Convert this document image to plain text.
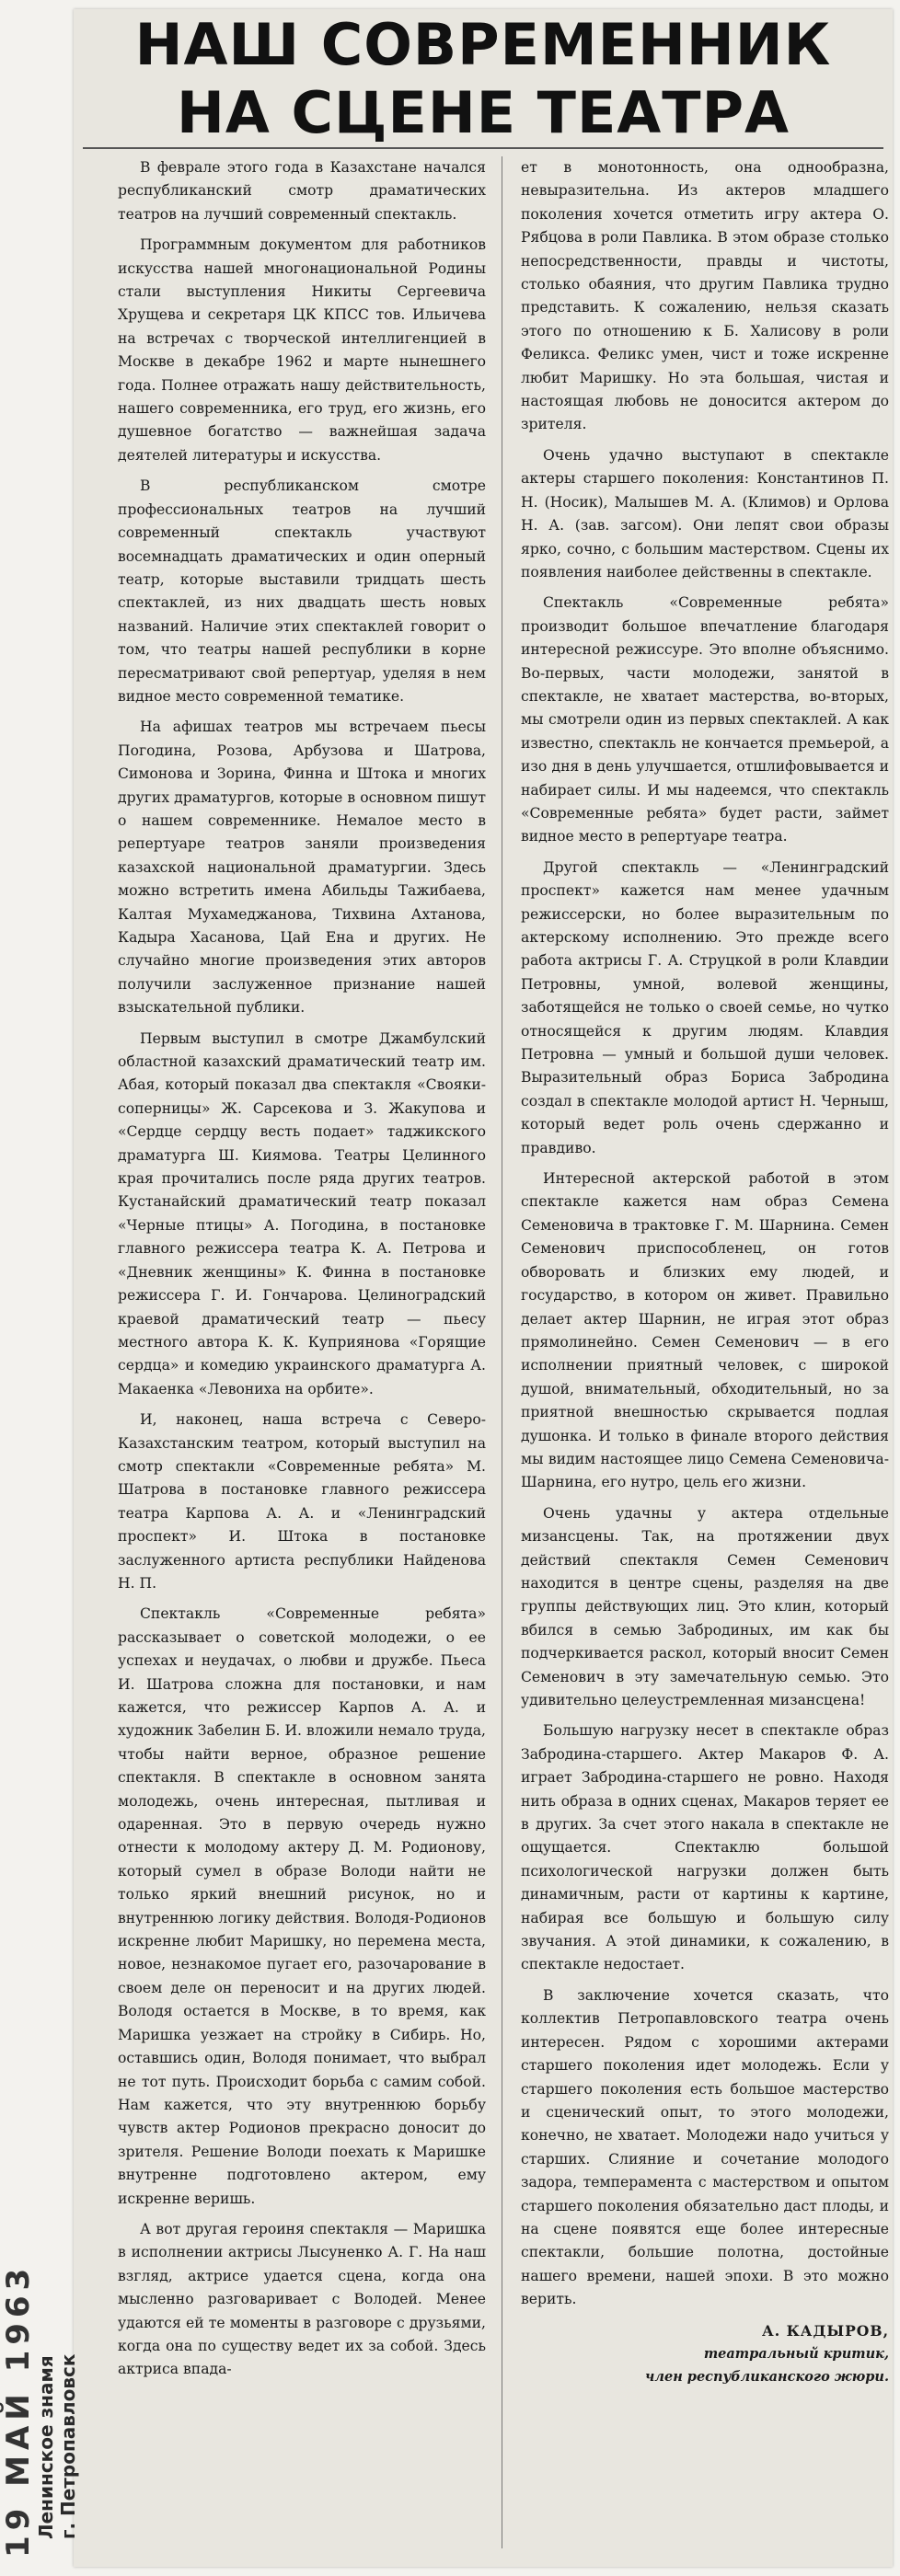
НАШ СОВРЕМЕННИК
НА СЦЕНЕ ТЕАТРА

В феврале этого года в Казахстане начался республиканский смотр драматических театров на лучший современный спектакль.

Программным документом для работников искусства нашей многонациональной Родины стали выступления Никиты Сергеевича Хрущева и секретаря ЦК КПСС тов. Ильичева на встречах с творческой интеллигенцией в Москве в декабре 1962 и марте нынешнего года. Полнее отражать нашу действительность, нашего современника, его труд, его жизнь, его душевное богатство — важнейшая задача деятелей литературы и искусства.

В республиканском смотре профессиональных театров на лучший современный спектакль участвуют восемнадцать драматических и один оперный театр, которые выставили тридцать шесть спектаклей, из них двадцать шесть новых названий. Наличие этих спектаклей говорит о том, что театры нашей республики в корне пересматривают свой репертуар, уделяя в нем видное место современной тематике.

На афишах театров мы встречаем пьесы Погодина, Розова, Арбузова и Шатрова, Симонова и Зорина, Финна и Штока и многих других драматургов, которые в основном пишут о нашем современнике. Немалое место в репертуаре театров заняли произведения казахской национальной драматургии. Здесь можно встретить имена Абильды Тажибаева, Калтая Мухамеджанова, Тихвина Ахтанова, Кадыра Хасанова, Цай Ена и других. Не случайно многие произведения этих авторов получили заслуженное признание нашей взыскательной публики.

Первым выступил в смотре Джамбулский областной казахский драматический театр им. Абая, который показал два спектакля «Свояки-соперницы» Ж. Сарсекова и З. Жакупова и «Сердце сердцу весть подает» таджикского драматурга Ш. Киямова. Театры Целинного края прочитались после ряда других театров. Кустанайский драматический театр показал «Черные птицы» А. Погодина, в постановке главного режиссера театра К. А. Петрова и «Дневник женщины» К. Финна в постановке режиссера Г. И. Гончарова. Целиноградский краевой драматический театр — пьесу местного автора К. К. Куприянова «Горящие сердца» и комедию украинского драматурга А. Макаенка «Левониха на орбите».

И, наконец, наша встреча с Северо-Казахстанским театром, который выступил на смотр спектакли «Современные ребята» М. Шатрова в постановке главного режиссера театра Карпова А. А. и «Ленинградский проспект» И. Штока в постановке заслуженного артиста республики Найденова Н. П.

Спектакль «Современные ребята» рассказывает о советской молодежи, о ее успехах и неудачах, о любви и дружбе. Пьеса И. Шатрова сложна для постановки, и нам кажется, что режиссер Карпов А. А. и художник Забелин Б. И. вложили немало труда, чтобы найти верное, образное решение спектакля. В спектакле в основном занята молодежь, очень интересная, пытливая и одаренная. Это в первую очередь нужно отнести к молодому актеру Д. М. Родионову, который сумел в образе Володи найти не только яркий внешний рисунок, но и внутреннюю логику действия. Володя-Родионов искренне любит Маришку, но перемена места, новое, незнакомое пугает его, разочарование в своем деле он переносит и на других людей. Володя остается в Москве, в то время, как Маришка уезжает на стройку в Сибирь. Но, оставшись один, Володя понимает, что выбрал не тот путь. Происходит борьба с самим собой. Нам кажется, что эту внутреннюю борьбу чувств актер Родионов прекрасно доносит до зрителя. Решение Володи поехать к Маришке внутренне подготовлено актером, ему искренне веришь.

А вот другая героиня спектакля — Маришка в исполнении актрисы Лысуненко А. Г. На наш взгляд, актрисе удается сцена, когда она мысленно разговаривает с Володей. Менее удаются ей те моменты в разговоре с друзьями, когда она по существу ведет их за собой. Здесь актриса впада-

ет в монотонность, она однообразна, невыразительна. Из актеров младшего поколения хочется отметить игру актера О. Рябцова в роли Павлика. В этом образе столько непосредственности, правды и чистоты, столько обаяния, что другим Павлика трудно представить. К сожалению, нельзя сказать этого по отношению к Б. Халисову в роли Феликса. Феликс умен, чист и тоже искренне любит Маришку. Но эта большая, чистая и настоящая любовь не доносится актером до зрителя.

Очень удачно выступают в спектакле актеры старшего поколения: Константинов П. Н. (Носик), Малышев М. А. (Климов) и Орлова Н. А. (зав. загсом). Они лепят свои образы ярко, сочно, с большим мастерством. Сцены их появления наиболее действенны в спектакле.

Спектакль «Современные ребята» производит большое впечатление благодаря интересной режиссуре. Это вполне объяснимо. Во-первых, части молодежи, занятой в спектакле, не хватает мастерства, во-вторых, мы смотрели один из первых спектаклей. А как известно, спектакль не кончается премьерой, а изо дня в день улучшается, отшлифовывается и набирает силы. И мы надеемся, что спектакль «Современные ребята» будет расти, займет видное место в репертуаре театра.

Другой спектакль — «Ленинградский проспект» кажется нам менее удачным режиссерски, но более выразительным по актерскому исполнению. Это прежде всего работа актрисы Г. А. Струцкой в роли Клавдии Петровны, умной, волевой женщины, заботящейся не только о своей семье, но чутко относящейся к другим людям. Клавдия Петровна — умный и большой души человек. Выразительный образ Бориса Забродина создал в спектакле молодой артист Н. Черныш, который ведет роль очень сдержанно и правдиво.

Интересной актерской работой в этом спектакле кажется нам образ Семена Семеновича в трактовке Г. М. Шарнина. Семен Семенович приспособленец, он готов обворовать и близких ему людей, и государство, в котором он живет. Правильно делает актер Шарнин, не играя этот образ прямолинейно. Семен Семенович — в его исполнении приятный человек, с широкой душой, внимательный, обходительный, но за приятной внешностью скрывается подлая душонка. И только в финале второго действия мы видим настоящее лицо Семена Семеновича-Шарнина, его нутро, цель его жизни.

Очень удачны у актера отдельные мизансцены. Так, на протяжении двух действий спектакля Семен Семенович находится в центре сцены, разделяя на две группы действующих лиц. Это клин, который вбился в семью Забродиных, им как бы подчеркивается раскол, который вносит Семен Семенович в эту замечательную семью. Это удивительно целеустремленная мизансцена!

Большую нагрузку несет в спектакле образ Забродина-старшего. Актер Макаров Ф. А. играет Забродина-старшего не ровно. Находя нить образа в одних сценах, Макаров теряет ее в других. За счет этого накала в спектакле не ощущается. Спектаклю большой психологической нагрузки должен быть динамичным, расти от картины к картине, набирая все большую и большую силу звучания. А этой динамики, к сожалению, в спектакле недостает.

В заключение хочется сказать, что коллектив Петропавловского театра очень интересен. Рядом с хорошими актерами старшего поколения идет молодежь. Если у старшего поколения есть большое мастерство и сценический опыт, то этого молодежи, конечно, не хватает. Молодежи надо учиться у старших. Слияние и сочетание молодого задора, темперамента с мастерством и опытом старшего поколения обязательно даст плоды, и на сцене появятся еще более интересные спектакли, большие полотна, достойные нашего времени, нашей эпохи. В это можно верить.

А. КАДЫРОВ,
театральный критик,
член республиканского жюри.
19 МАЙ 1963
Ленинское знамя г. Петропавловск
